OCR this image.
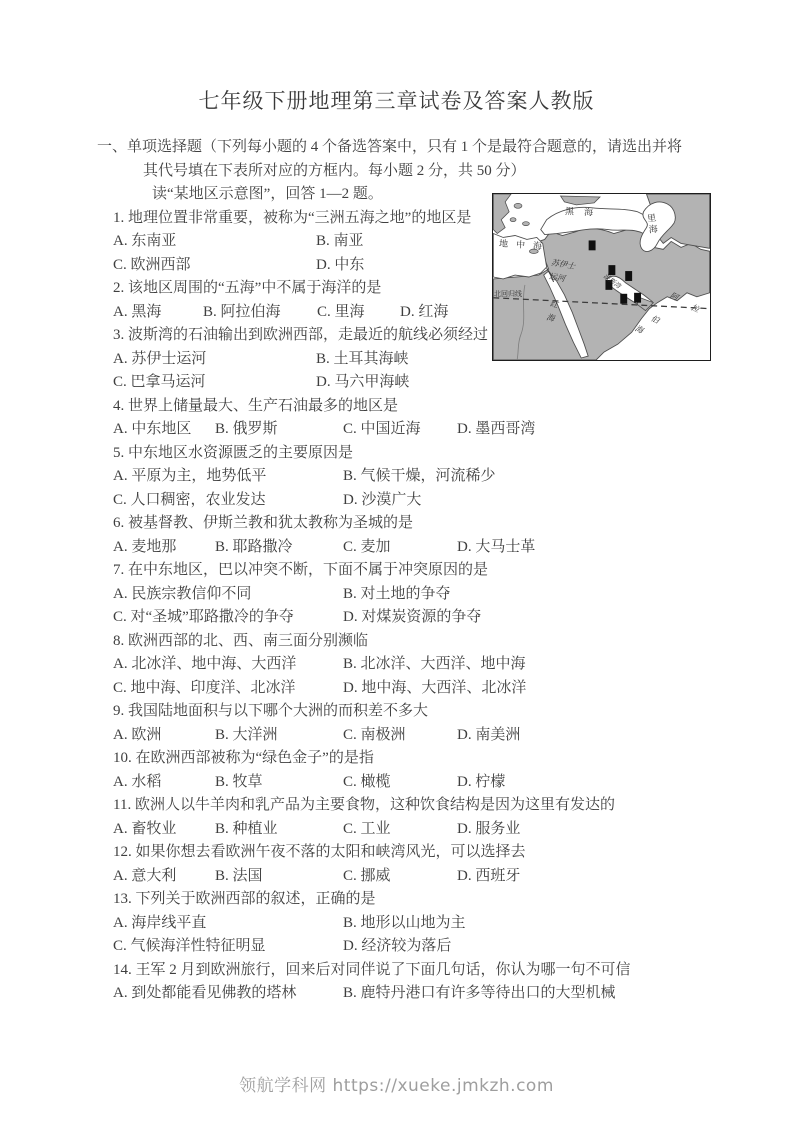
七年级下册地理第三章试卷及答案人教版
一、单项选择题（下列每小题的 4 个备选答案中，只有 1 个是最符合题意的，请选出并将
其代号填在下表所对应的方框内。每小题 2 分，共 50 分）
读“某地区示意图”，回答 1—2 题。
1. 地理位置非常重要，被称为“三洲五海之地”的地区是
A. 东南亚	B. 南亚
C. 欧洲西部	D. 中东
2. 该地区周围的“五海”中不属于海洋的是
A. 黑海	B. 阿拉伯海	C. 里海	D. 红海
3. 波斯湾的石油输出到欧洲西部，走最近的航线必须经过
A. 苏伊士运河	B. 土耳其海峡
C. 巴拿马运河	D. 马六甲海峡
4. 世界上储量最大、生产石油最多的地区是
A. 中东地区	B. 俄罗斯	C. 中国近海	D. 墨西哥湾
5. 中东地区水资源匮乏的主要原因是
A. 平原为主，地势低平	B. 气候干燥，河流稀少
C. 人口稠密，农业发达	D. 沙漠广大
6. 被基督教、伊斯兰教和犹太教称为圣城的是
A. 麦地那	B. 耶路撒冷	C. 麦加	D. 大马士革
7. 在中东地区，巴以冲突不断，下面不属于冲突原因的是
A. 民族宗教信仰不同	B. 对土地的争夺
C. 对“圣城”耶路撒冷的争夺	D. 对煤炭资源的争夺
8. 欧洲西部的北、西、南三面分别濒临
A. 北冰洋、地中海、大西洋	B. 北冰洋、大西洋、地中海
C. 地中海、印度洋、北冰洋	D. 地中海、大西洋、北冰洋
9. 我国陆地面积与以下哪个大洲的而积差不多大
A. 欧洲	B. 大洋洲	C. 南极洲	D. 南美洲
10. 在欧洲西部被称为“绿色金子”的是指
A. 水稻	B. 牧草	C. 橄榄	D. 柠檬
11. 欧洲人以牛羊肉和乳产品为主要食物，这种饮食结构是因为这里有发达的
A. 畜牧业	B. 种植业	C. 工业	D. 服务业
12. 如果你想去看欧洲午夜不落的太阳和峡湾风光，可以选择去
A. 意大利	B. 法国	C. 挪威	D. 西班牙
13. 下列关于欧洲西部的叙述，正确的是
A. 海岸线平直	B. 地形以山地为主
C. 气候海洋性特征明显	D. 经济较为落后
14. 王军 2 月到欧洲旅行，回来后对同伴说了下面几句话，你认为哪一句不可信
A. 到处都能看见佛教的塔林	B. 鹿特丹港口有许多等待出口的大型机械
黑海
里海
地中海
苏伊士
运河
北回归线
红海
波斯湾
阿
拉
伯
海
领航学科网 https://xueke.jmkzh.com
